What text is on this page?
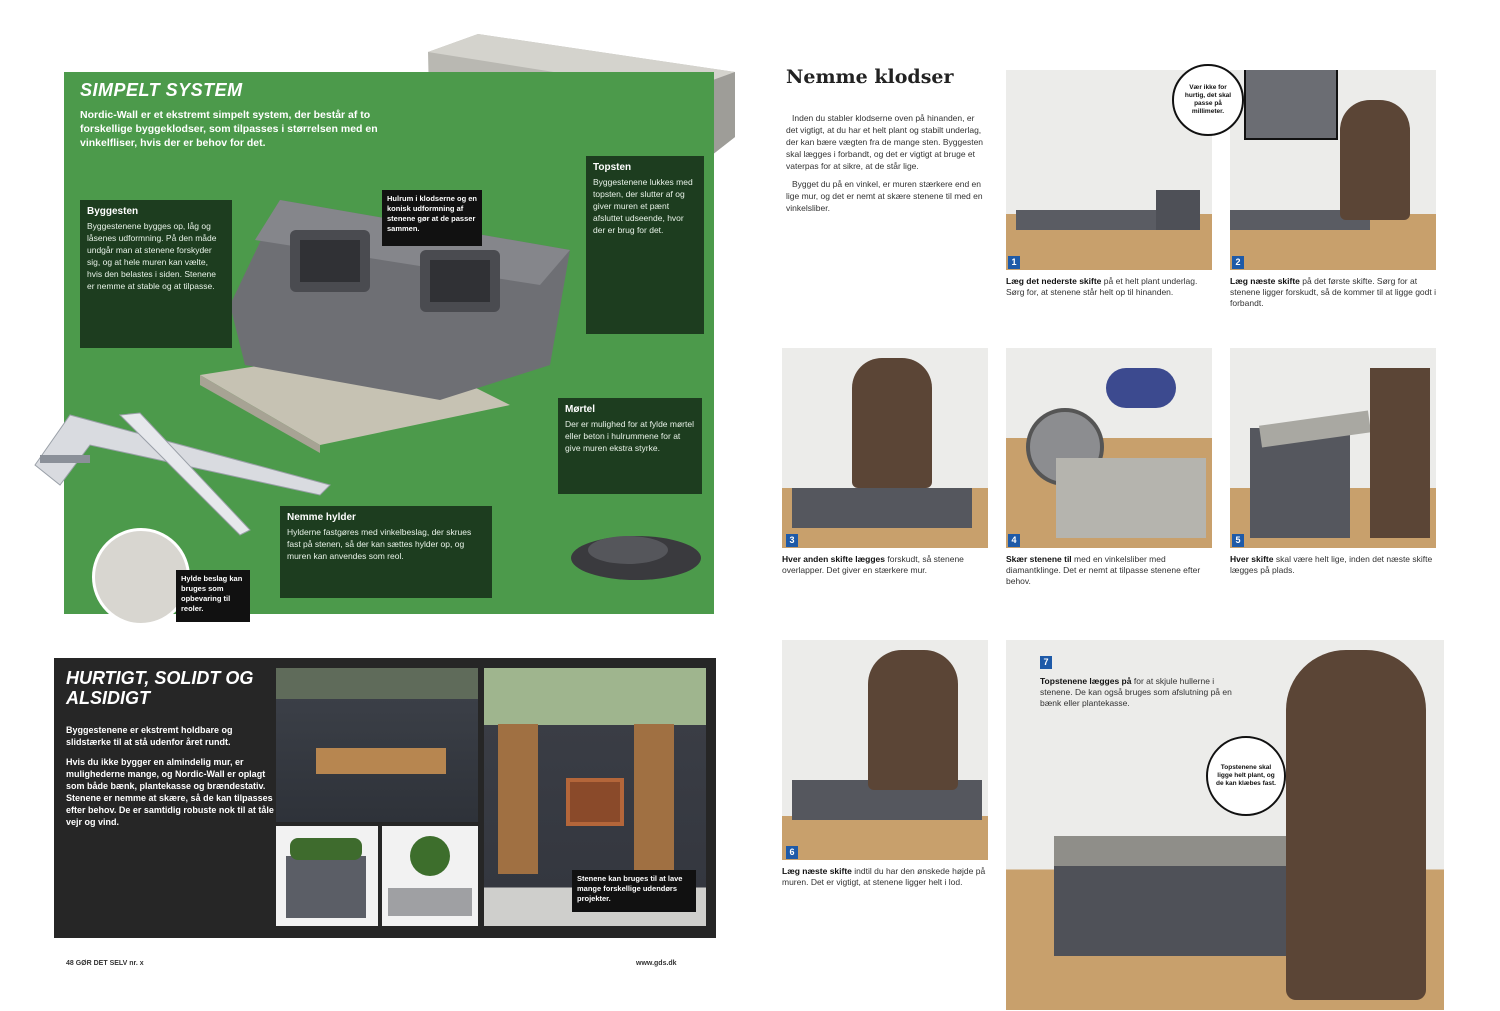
SIMPELT SYSTEM
Nordic-Wall er et ekstremt simpelt system, der består af to forskellige byggeklodser, som tilpasses i størrelsen med en vinkelfliser, hvis der er behov for det.
Byggesten
Byggestenene bygges op, låg og låsenes udformning. På den måde undgår man at stenene forskyder sig, og at hele muren kan vælte, hvis den belastes i siden. Stenene er nemme at stable og at tilpasse.
Topsten
Byggestenene lukkes med topsten, der slutter af og giver muren et pænt afsluttet udseende, hvor der er brug for det.
Mørtel
Der er mulighed for at fylde mørtel eller beton i hulrummene for at give muren ekstra styrke.
Nemme hylder
Hylderne fastgøres med vinkelbeslag, der skrues fast på stenen, så der kan sættes hylder op, og muren kan anvendes som reol.
Hulrum i klodserne og en konisk udformning af stenene gør at de passer sammen.
Hylde beslag kan bruges som opbevaring til reoler.
HURTIGT, SOLIDT OG ALSIDIGT

Byggestenene er ekstremt holdbare og slidstærke til at stå udenfor året rundt.

Hvis du ikke bygger en almindelig mur, er mulighederne mange, og Nordic-Wall er oplagt som både bænk, plantekasse og brændestativ. Stenene er nemme at skære, så de kan tilpasses efter behov. De er samtidig robuste nok til at tåle vejr og vind.

Stenene kan bruges til at lave mange forskellige udendørs projekter.
48 GØR DET SELV nr. x	www.gds.dk
Nemme klodser

Inden du stabler klodserne oven på hinanden, er det vigtigt, at du har et helt plant og stabilt underlag, der kan bære vægten fra de mange sten. Byggesten skal lægges i forbandt, og det er vigtigt at bruge et vaterpas for at sikre, at de står lige.

Bygget du på en vinkel, er muren stærkere end en lige mur, og det er nemt at skære stenene til med en vinkelsliber.

1
Læg det nederste skifte på et helt plant underlag. Sørg for, at stenene står helt op til hinanden.
Vær ikke for hurtig, det skal passe på millimeter.
2
Læg næste skifte på det første skifte. Sørg for at stenene ligger forskudt, så de kommer til at ligge godt i forbandt.
3
Hver anden skifte lægges forskudt, så stenene overlapper. Det giver en stærkere mur.
4
Skær stenene til med en vinkelsliber med diamantklinge. Det er nemt at tilpasse stenene efter behov.
5
Hver skifte skal være helt lige, inden det næste skifte lægges på plads.
6
Læg næste skifte indtil du har den ønskede højde på muren. Det er vigtigt, at stenene ligger helt i lod.
7
Topstenene lægges på for at skjule hullerne i stenene. De kan også bruges som afslutning på en bænk eller plantekasse.
Topstenene skal ligge helt plant, og de kan klæbes fast.
